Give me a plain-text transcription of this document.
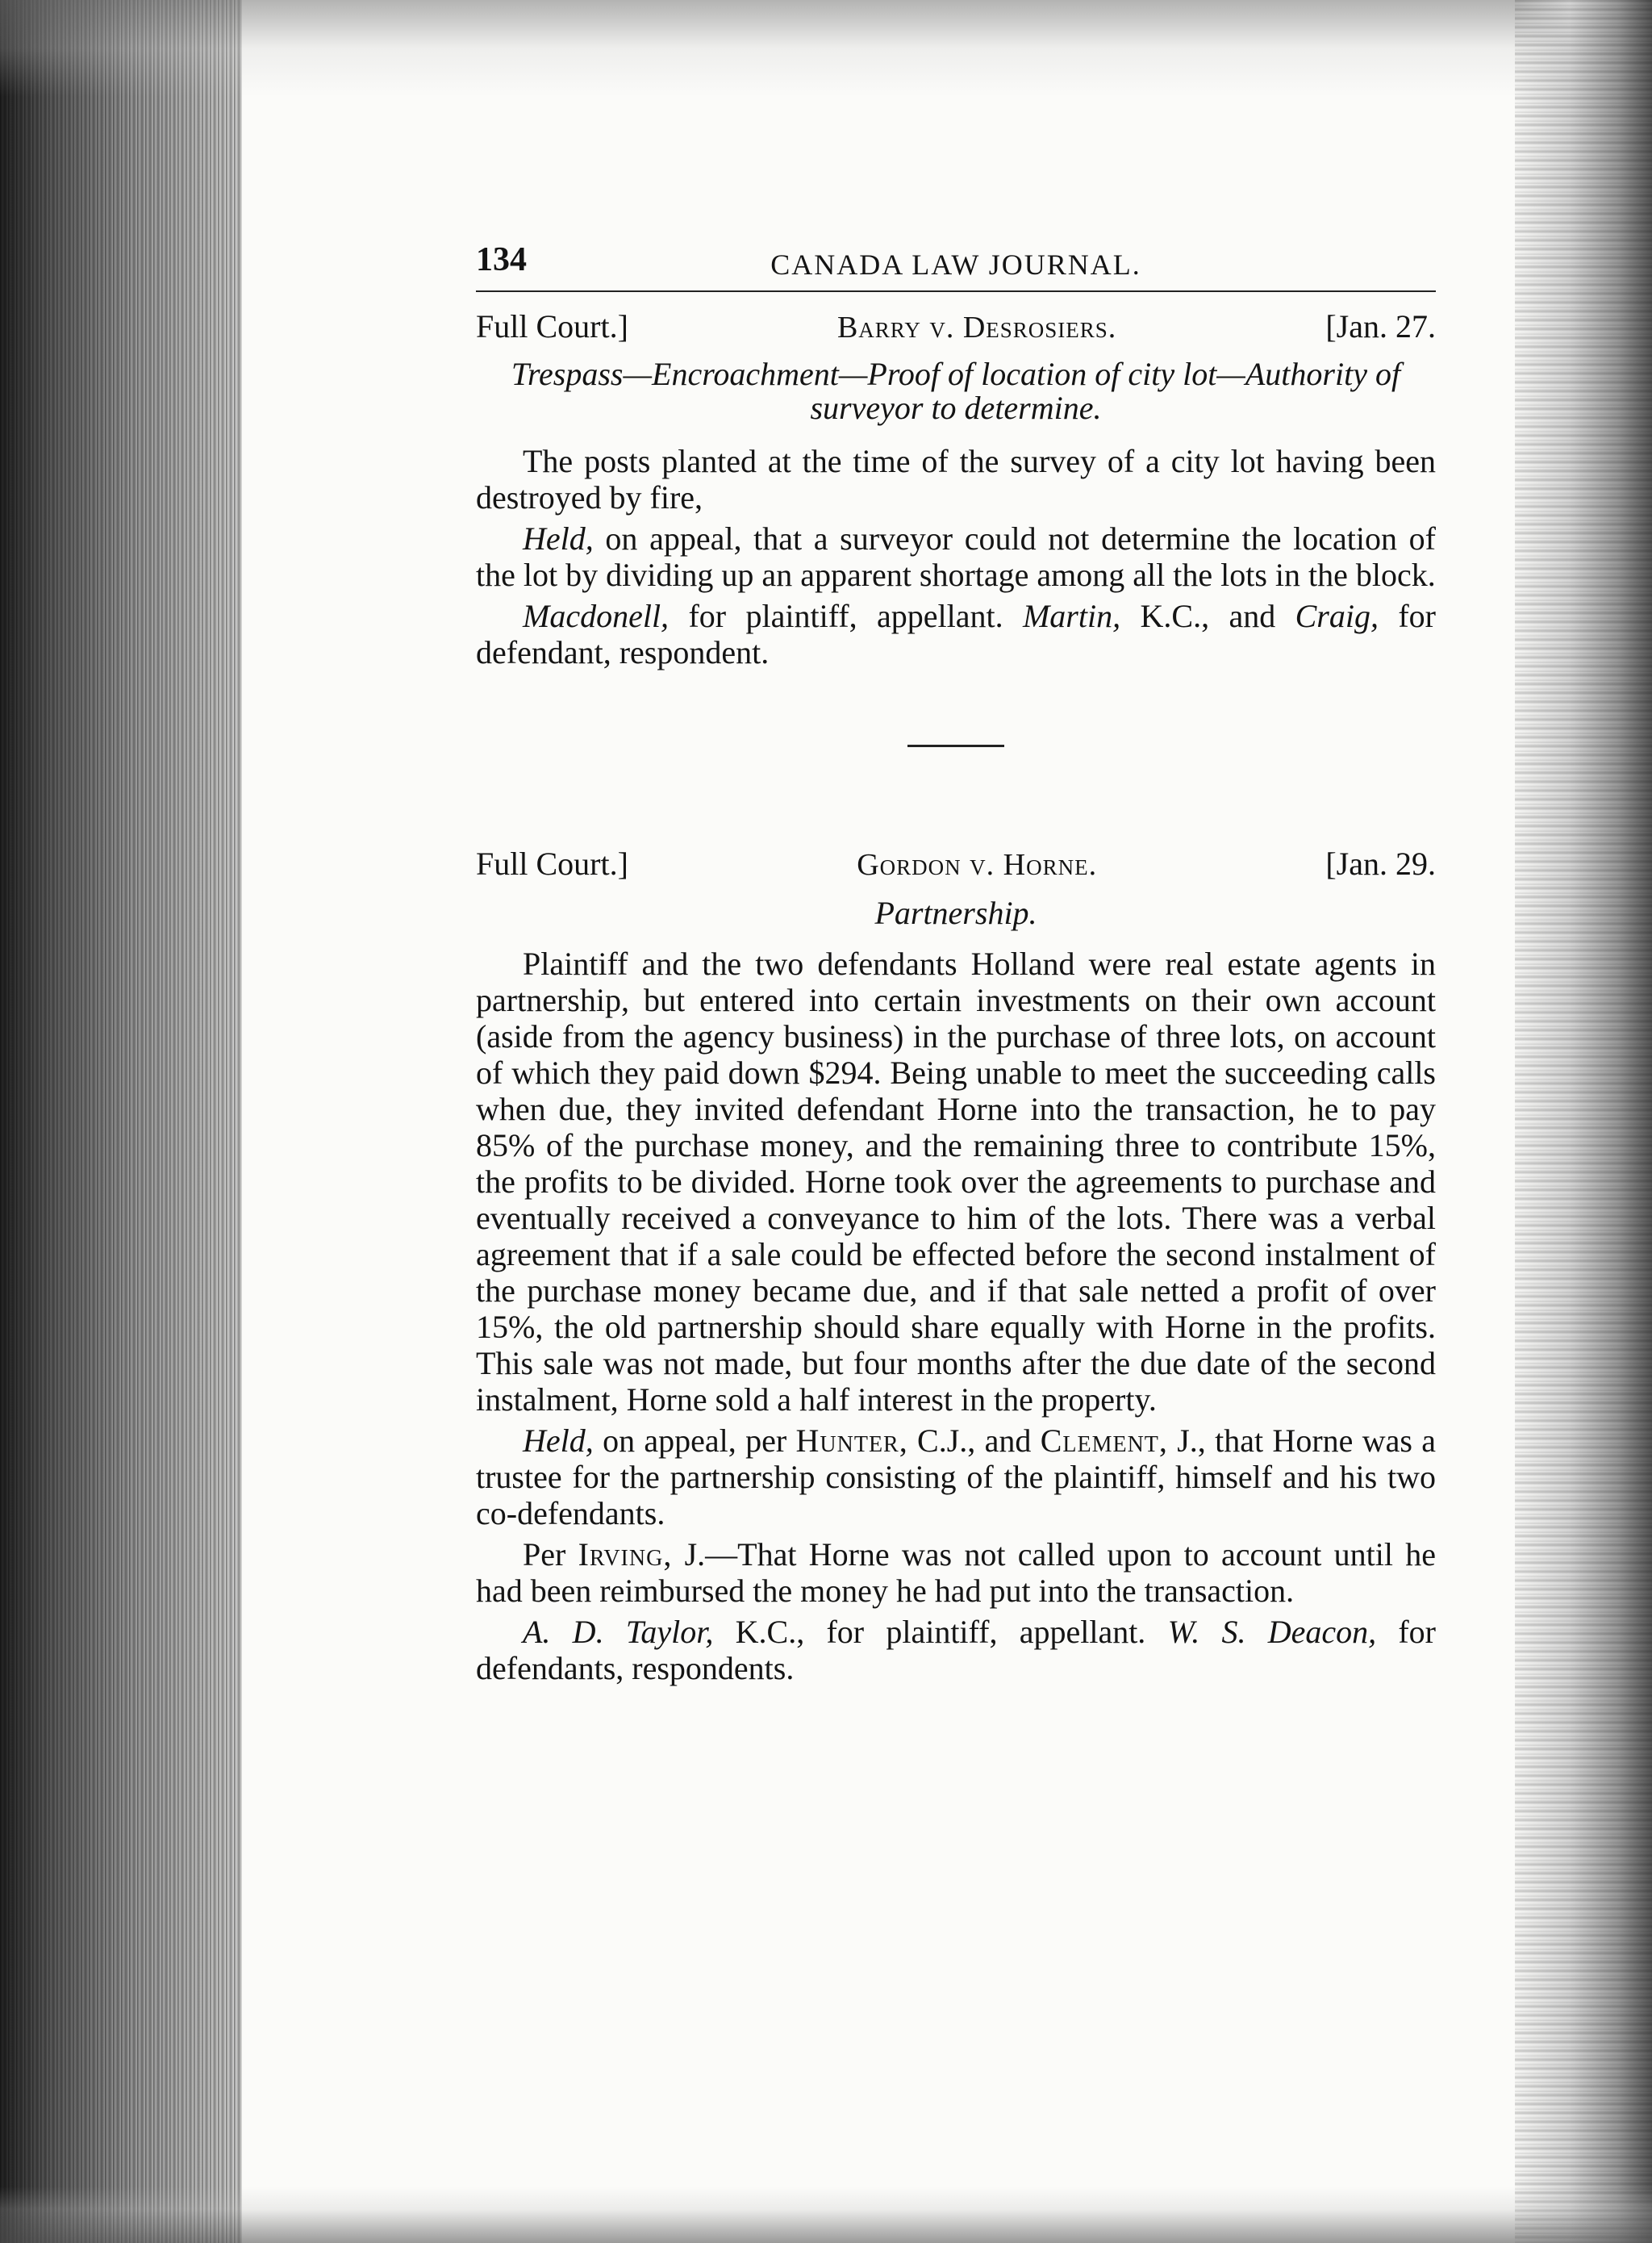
134	CANADA LAW JOURNAL.
Full Court.]	Barry v. Desrosiers.	[Jan. 27.
Trespass—Encroachment—Proof of location of city lot—Authority of surveyor to determine.

The posts planted at the time of the survey of a city lot having been destroyed by fire,

Held, on appeal, that a surveyor could not determine the location of the lot by dividing up an apparent shortage among all the lots in the block.

Macdonell, for plaintiff, appellant. Martin, K.C., and Craig, for defendant, respondent.

Full Court.]	Gordon v. Horne.	[Jan. 29.
Partnership.

Plaintiff and the two defendants Holland were real estate agents in partnership, but entered into certain investments on their own account (aside from the agency business) in the purchase of three lots, on account of which they paid down $294. Being unable to meet the succeeding calls when due, they invited defendant Horne into the transaction, he to pay 85% of the purchase money, and the remaining three to contribute 15%, the profits to be divided. Horne took over the agreements to purchase and eventually received a conveyance to him of the lots. There was a verbal agreement that if a sale could be effected before the second instalment of the purchase money became due, and if that sale netted a profit of over 15%, the old partnership should share equally with Horne in the profits. This sale was not made, but four months after the due date of the second instalment, Horne sold a half interest in the property.

Held, on appeal, per Hunter, C.J., and Clement, J., that Horne was a trustee for the partnership consisting of the plaintiff, himself and his two co-defendants.

Per Irving, J.—That Horne was not called upon to account until he had been reimbursed the money he had put into the transaction.

A. D. Taylor, K.C., for plaintiff, appellant. W. S. Deacon, for defendants, respondents.
